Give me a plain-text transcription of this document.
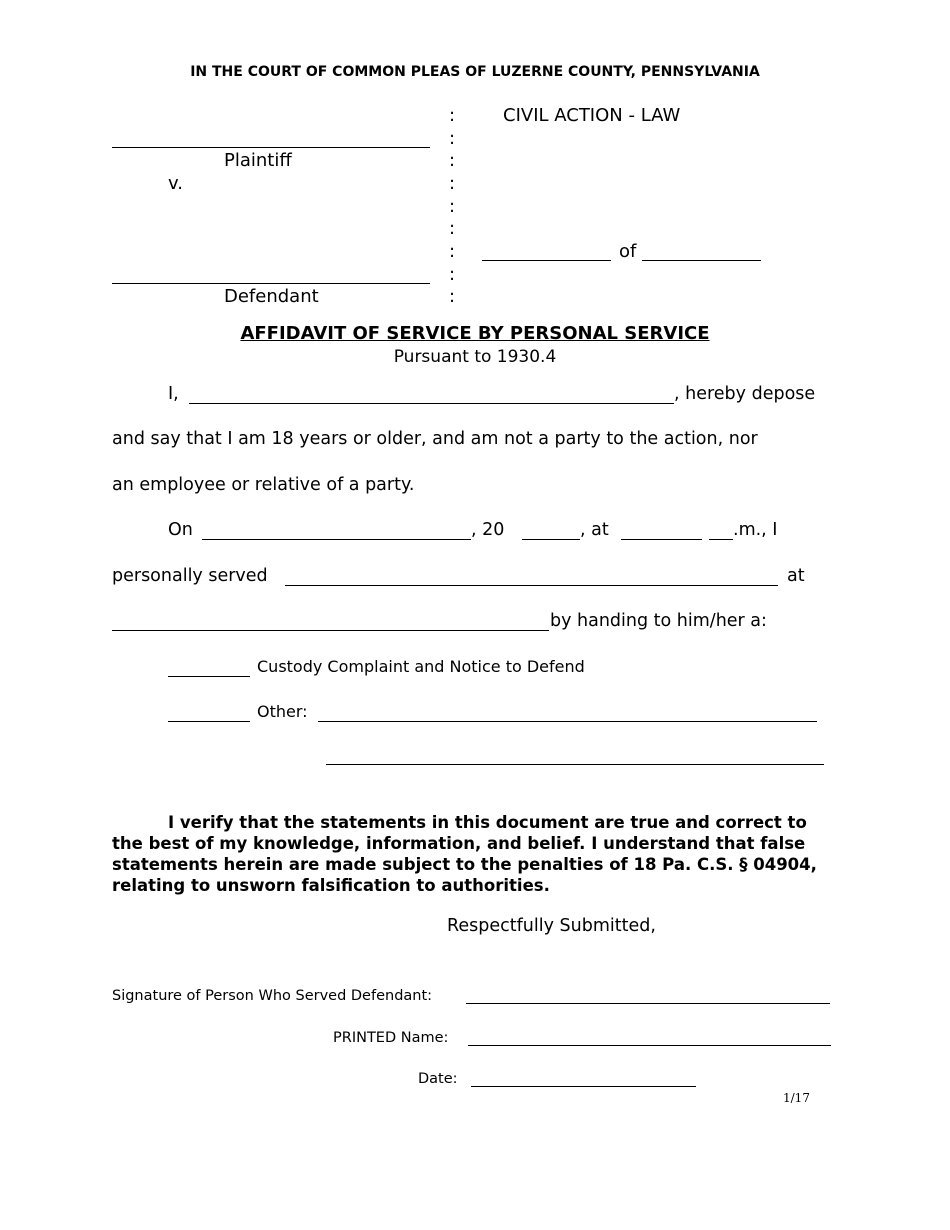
IN THE COURT OF COMMON PLEAS OF LUZERNE COUNTY, PENNSYLVANIA
Plaintiff
v.
Defendant
:
:
:
:
:
:
:
:
:
CIVIL ACTION - LAW
of
AFFIDAVIT OF SERVICE BY PERSONAL SERVICE
Pursuant to 1930.4
I,	, hereby depose
and say that I am 18 years or older, and am not a party to the action, nor
an employee or relative of a party.
On	, 20	, at	.m., I
personally served	at
by handing to him/her a:
Custody Complaint and Notice to Defend
Other:

I verify that the statements in this document are true and correct to the best of my knowledge, information, and belief. I understand that false statements herein are made subject to the penalties of 18 Pa. C.S. § 04904, relating to unsworn falsification to authorities.

Respectfully Submitted,
Signature of Person Who Served Defendant:
PRINTED Name:
Date:
1/17
